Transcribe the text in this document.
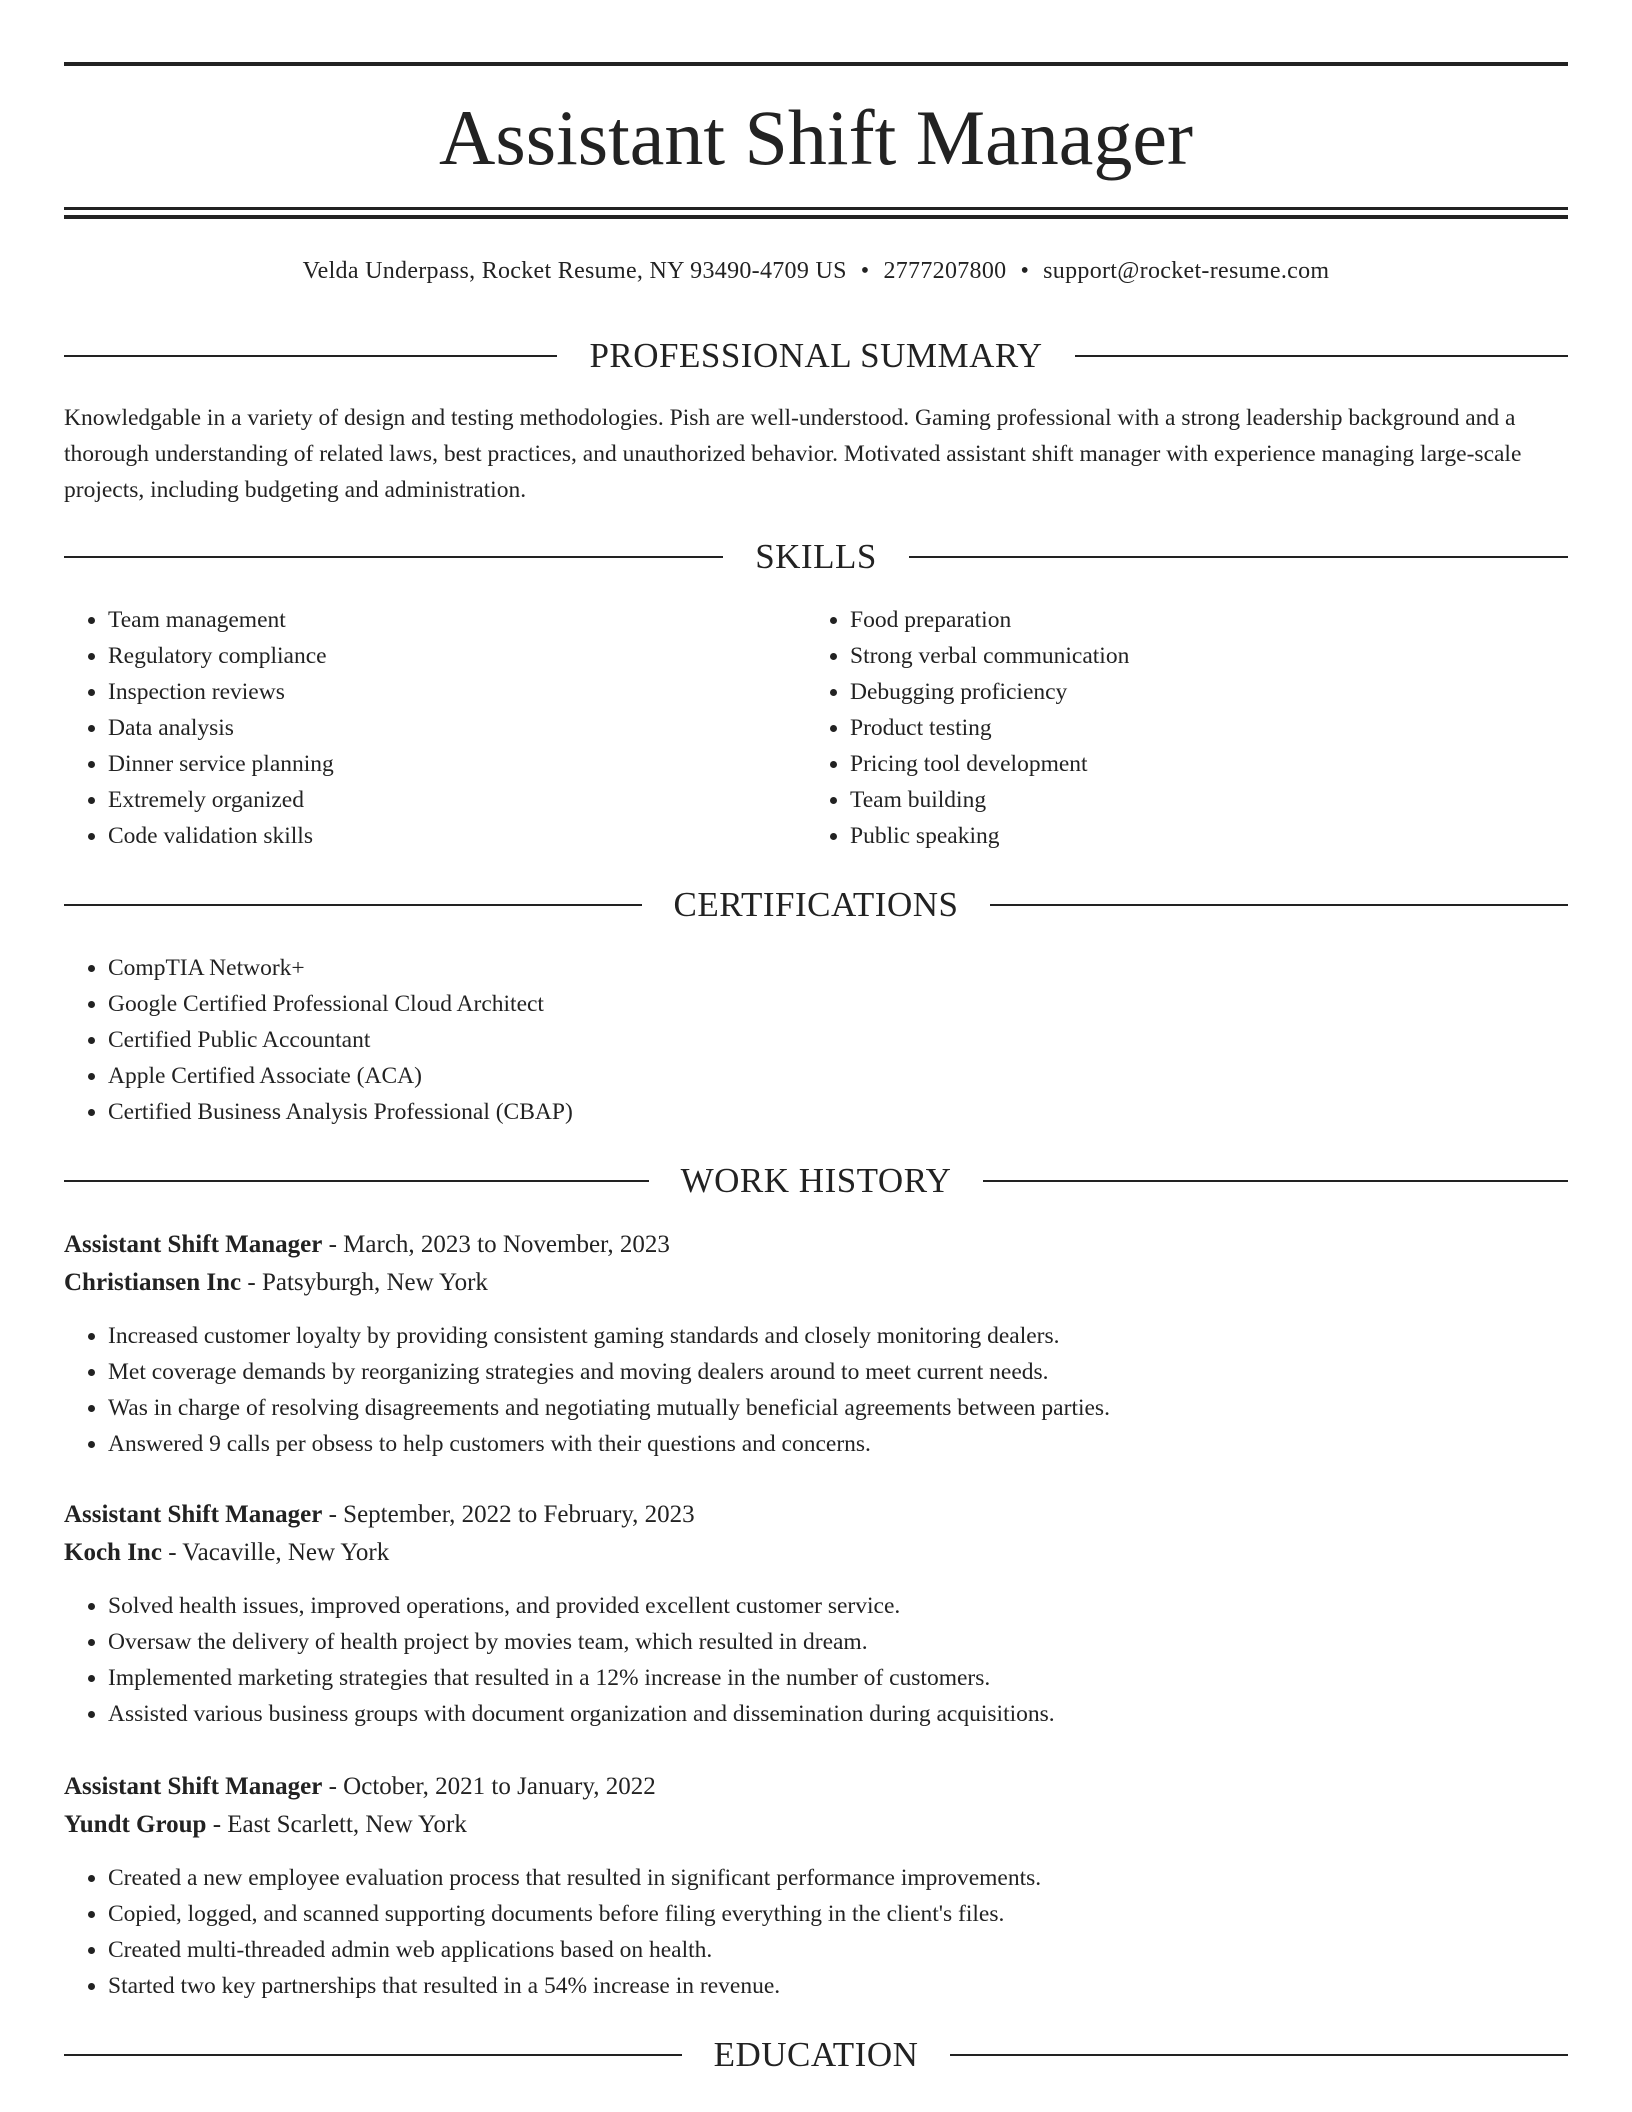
Assistant Shift Manager
Velda Underpass, Rocket Resume, NY 93490-4709 US • 2777207800 • support@rocket-resume.com
PROFESSIONAL SUMMARY

Knowledgable in a variety of design and testing methodologies. Pish are well-understood. Gaming professional with a strong leadership background and a thorough understanding of related laws, best practices, and unauthorized behavior. Motivated assistant shift manager with experience managing large-scale projects, including budgeting and administration.

SKILLS
• Team management
• Regulatory compliance
• Inspection reviews
• Data analysis
• Dinner service planning
• Extremely organized
• Code validation skills
• Food preparation
• Strong verbal communication
• Debugging proficiency
• Product testing
• Pricing tool development
• Team building
• Public speaking
CERTIFICATIONS
• CompTIA Network+
• Google Certified Professional Cloud Architect
• Certified Public Accountant
• Apple Certified Associate (ACA)
• Certified Business Analysis Professional (CBAP)
WORK HISTORY
Assistant Shift Manager - March, 2023 to November, 2023
Christiansen Inc - Patsyburgh, New York
• Increased customer loyalty by providing consistent gaming standards and closely monitoring dealers.
• Met coverage demands by reorganizing strategies and moving dealers around to meet current needs.
• Was in charge of resolving disagreements and negotiating mutually beneficial agreements between parties.
• Answered 9 calls per obsess to help customers with their questions and concerns.
Assistant Shift Manager - September, 2022 to February, 2023
Koch Inc - Vacaville, New York
• Solved health issues, improved operations, and provided excellent customer service.
• Oversaw the delivery of health project by movies team, which resulted in dream.
• Implemented marketing strategies that resulted in a 12% increase in the number of customers.
• Assisted various business groups with document organization and dissemination during acquisitions.
Assistant Shift Manager - October, 2021 to January, 2022
Yundt Group - East Scarlett, New York
• Created a new employee evaluation process that resulted in significant performance improvements.
• Copied, logged, and scanned supporting documents before filing everything in the client's files.
• Created multi-threaded admin web applications based on health.
• Started two key partnerships that resulted in a 54% increase in revenue.
EDUCATION
